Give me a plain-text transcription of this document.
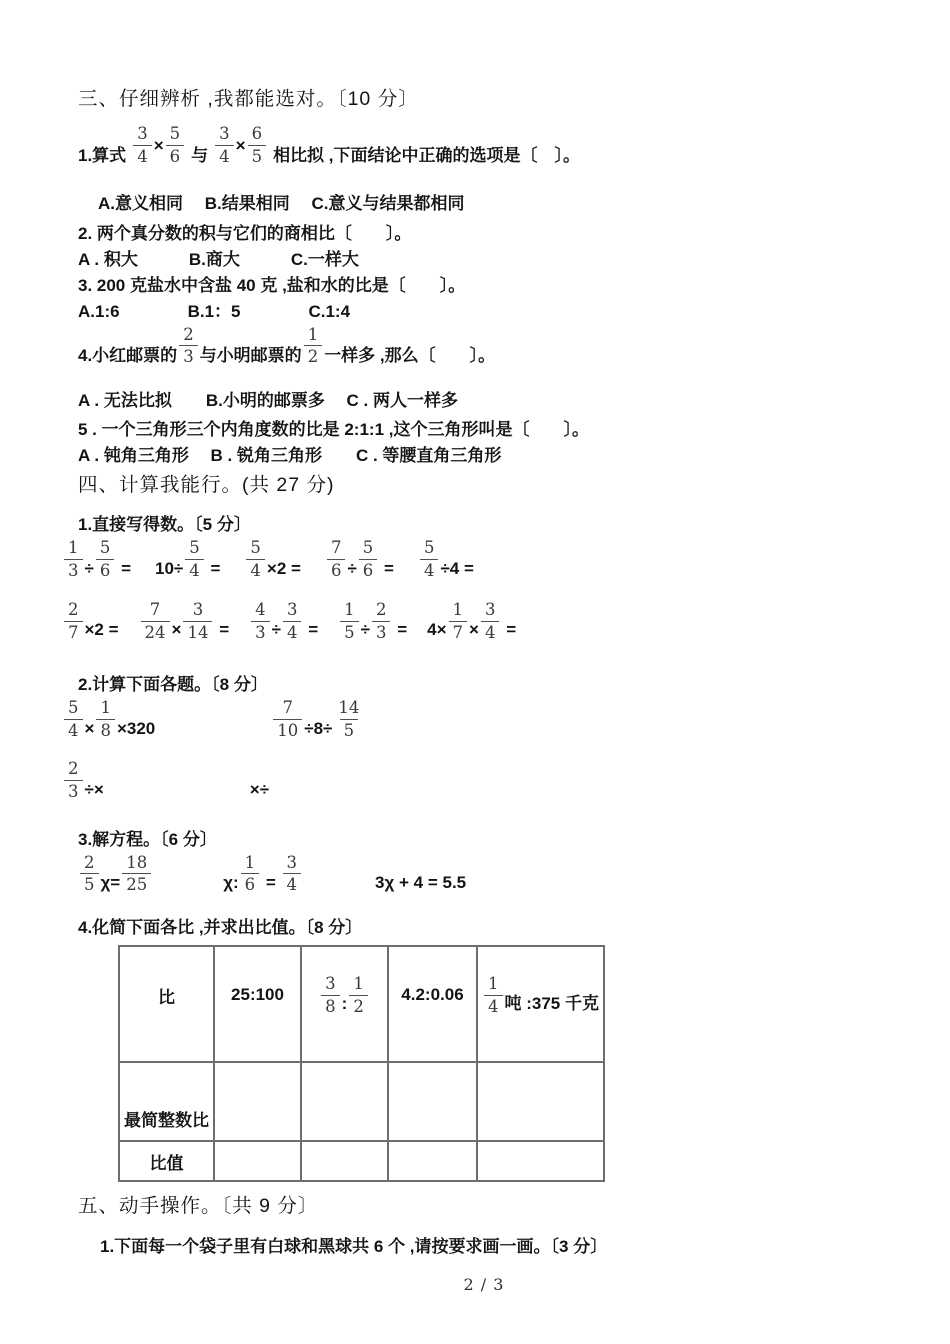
三、仔细辨析 ,我都能选对。〔10 分〕
1.算式 $\frac{3}{4} \times \frac{5}{6}$ 与 $\frac{3}{4} \times \frac{6}{5}$ 相比拟 ,下面结论中正确的选项是〔　〕。
A.意义相同　 B.结果相同　 C.意义与结果都相同
2. 两个真分数的积与它们的商相比〔　　〕。
A . 积大　　　B.商大　　　C.一样大
3. 200 克盐水中含盐 40 克 ,盐和水的比是〔　　〕。
A.1:6　　　　B.1：5　　　　C.1:4
4.小红邮票的 $\frac{2}{3}$ 与小明邮票的 $\frac{1}{2}$ 一样多 ,那么〔　　〕。
A . 无法比拟　　B.小明的邮票多　 C . 两人一样多
5 . 一个三角形三个内角度数的比是 2:1:1 ,这个三角形叫是〔　　〕。
A . 钝角三角形　 B . 锐角三角形　　C . 等腰直角三角形
四、计算我能行。(共 27 分)
1.直接写得数。〔5 分〕
$\frac{1}{3} \div \frac{5}{6} = 10\div \frac{5}{4} = \frac{5}{4} \times 2 = \frac{7}{6} \div \frac{5}{6} = \frac{5}{4} \div 4$ =
$\frac{2}{7} \times 2 = \frac{7}{24} \times \frac{3}{14} = \frac{4}{3} \div \frac{3}{4} = \frac{1}{5} \div \frac{2}{3} = 4\times \frac{1}{7} \times \frac{3}{4}$ =
2.计算下面各题。〔8 分〕
$\frac{5}{4} \times \frac{1}{8} \times 320$	$\frac{7}{10} \div 8\div \frac{14}{5}$
$\frac{2}{3}$ ÷×	×÷
3.解方程。〔6 分〕
$\frac{2}{5} \chi= \frac{18}{25}$	χ: $\frac{1}{6} = \frac{3}{4}$	3χ + 4 = 5.5
4.化简下面各比 ,并求出比值。〔8 分〕
比	25:100	$\frac{3}{8}$ : $\frac{1}{2}$	4.2:0.06	$\frac{1}{4}$ 吨 :375 千克

最简整数比				
比值				
五、动手操作。〔共 9 分〕
1.下面每一个袋子里有白球和黑球共 6 个 ,请按要求画一画。〔3 分〕
2 / 3
